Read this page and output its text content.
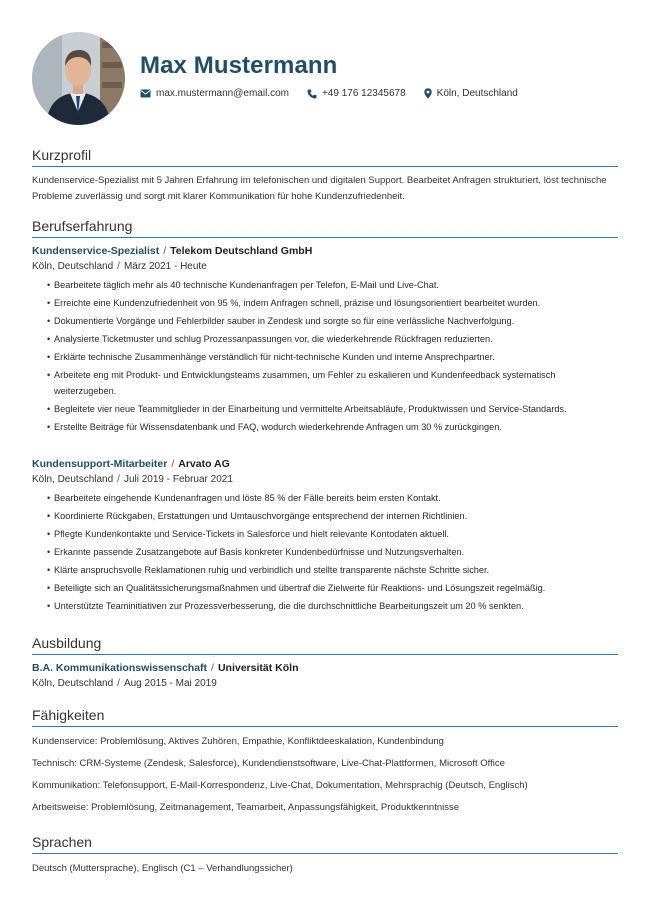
Max Mustermann
max.mustermann@email.com	+49 176 12345678	Köln, Deutschland
Kurzprofil
Kundenservice-Spezialist mit 5 Jahren Erfahrung im telefonischen und digitalen Support. Bearbeitet Anfragen strukturiert, löst technische Probleme zuverlässig und sorgt mit klarer Kommunikation für hohe Kundenzufriedenheit.
Berufserfahrung
Kundenservice-Spezialist / Telekom Deutschland GmbH
Köln, Deutschland / März 2021 - Heute
• Bearbeitete täglich mehr als 40 technische Kundenanfragen per Telefon, E-Mail und Live-Chat.
• Erreichte eine Kundenzufriedenheit von 95 %, indem Anfragen schnell, präzise und lösungsorientiert bearbeitet wurden.
• Dokumentierte Vorgänge und Fehlerbilder sauber in Zendesk und sorgte so für eine verlässliche Nachverfolgung.
• Analysierte Ticketmuster und schlug Prozessanpassungen vor, die wiederkehrende Rückfragen reduzierten.
• Erklärte technische Zusammenhänge verständlich für nicht-technische Kunden und interne Ansprechpartner.
• Arbeitete eng mit Produkt- und Entwicklungsteams zusammen, um Fehler zu eskalieren und Kundenfeedback systematisch weiterzugeben.
• Begleitete vier neue Teammitglieder in der Einarbeitung und vermittelte Arbeitsabläufe, Produktwissen und Service-Standards.
• Erstellte Beiträge für Wissensdatenbank und FAQ, wodurch wiederkehrende Anfragen um 30 % zurückgingen.
Kundensupport-Mitarbeiter / Arvato AG
Köln, Deutschland / Juli 2019 - Februar 2021
• Bearbeitete eingehende Kundenanfragen und löste 85 % der Fälle bereits beim ersten Kontakt.
• Koordinierte Rückgaben, Erstattungen und Umtauschvorgänge entsprechend der internen Richtlinien.
• Pflegte Kundenkontakte und Service-Tickets in Salesforce und hielt relevante Kontodaten aktuell.
• Erkannte passende Zusatzangebote auf Basis konkreter Kundenbedürfnisse und Nutzungsverhalten.
• Klärte anspruchsvolle Reklamationen ruhig und verbindlich und stellte transparente nächste Schritte sicher.
• Beteiligte sich an Qualitätssicherungsmaßnahmen und übertraf die Zielwerte für Reaktions- und Lösungszeit regelmäßig.
• Unterstützte Teaminitiativen zur Prozessverbesserung, die die durchschnittliche Bearbeitungszeit um 20 % senkten.
Ausbildung
B.A. Kommunikationswissenschaft / Universität Köln
Köln, Deutschland / Aug 2015 - Mai 2019
Fähigkeiten
Kundenservice: Problemlösung, Aktives Zuhören, Empathie, Konfliktdeeskalation, Kundenbindung
Technisch: CRM-Systeme (Zendesk, Salesforce), Kundendienstsoftware, Live-Chat-Plattformen, Microsoft Office
Kommunikation: Telefonsupport, E-Mail-Korrespondenz, Live-Chat, Dokumentation, Mehrsprachig (Deutsch, Englisch)
Arbeitsweise: Problemlösung, Zeitmanagement, Teamarbeit, Anpassungsfähigkeit, Produktkenntnisse
Sprachen
Deutsch (Muttersprache), Englisch (C1 – Verhandlungssicher)
